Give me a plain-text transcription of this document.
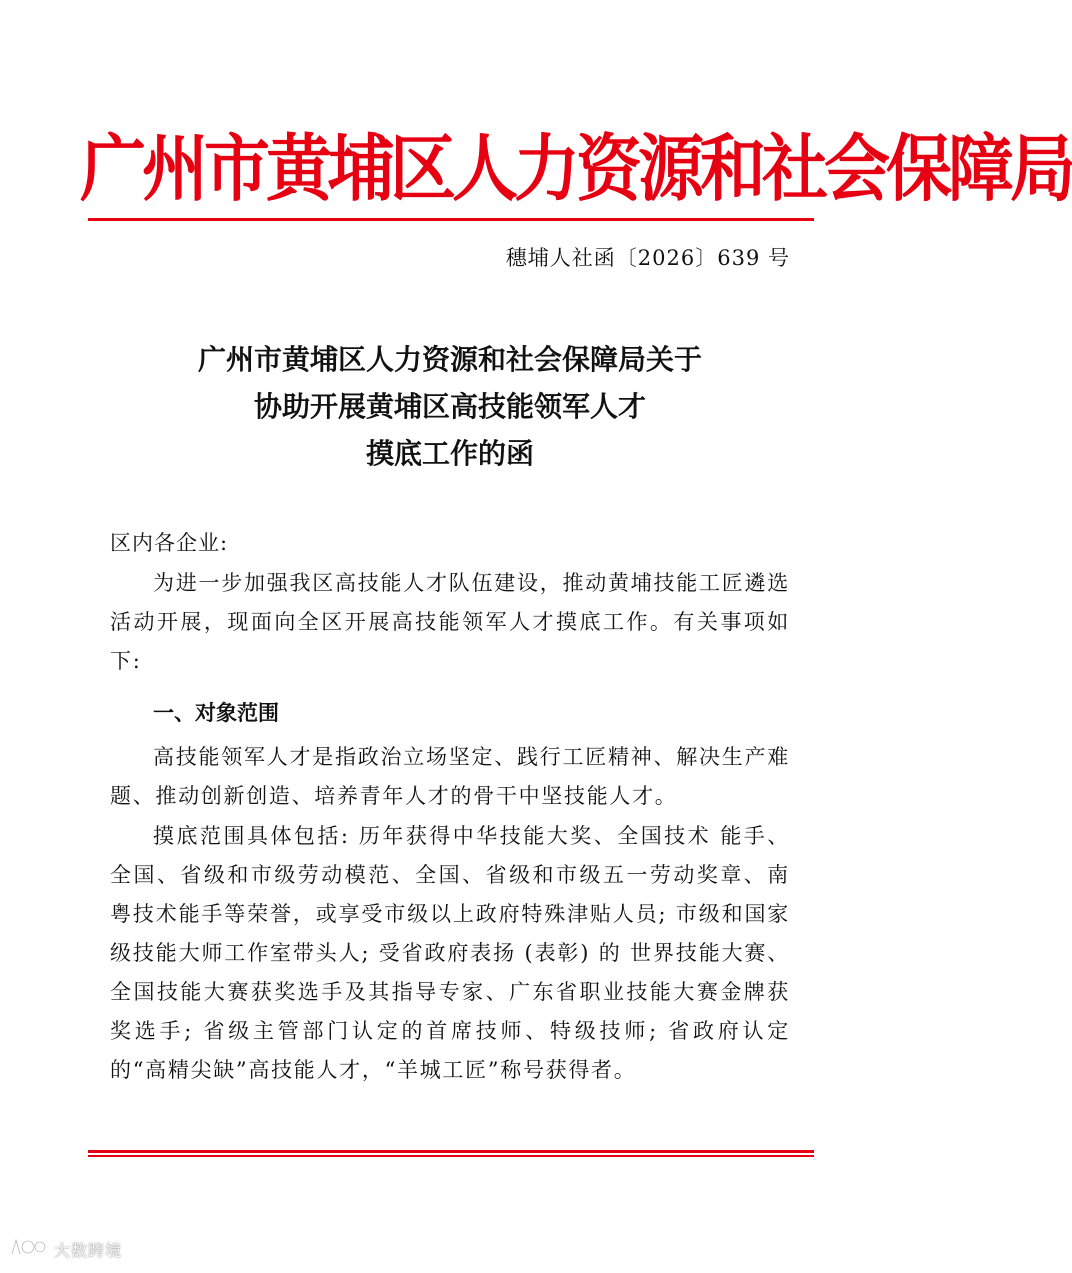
广州市黄埔区人力资源和社会保障局
穗埔人社函〔2026〕639 号
广州市黄埔区人力资源和社会保障局关于
协助开展黄埔区高技能领军人才
摸底工作的函
区内各企业:
为进一步加强我区高技能人才队伍建设，推动黄埔技能工匠遴选活动开展，现面向全区开展高技能领军人才摸底工作。有关事项如下:
一、对象范围
高技能领军人才是指政治立场坚定、践行工匠精神、解决生产难题、推动创新创造、培养青年人才的骨干中坚技能人才。
摸底范围具体包括: 历年获得中华技能大奖、全国技术 能手、全国、省级和市级劳动模范、全国、省级和市级五一劳动奖章、南粤技术能手等荣誉，或享受市级以上政府特殊津贴人员; 市级和国家级技能大师工作室带头人; 受省政府表扬 (表彰) 的 世界技能大赛、全国技能大赛获奖选手及其指导专家、广东省职业技能大赛金牌获奖选手; 省级主管部门认定的首席技师、特级技师; 省政府认定的“高精尖缺”高技能人才，“羊城工匠”称号获得者。
大数跨境
